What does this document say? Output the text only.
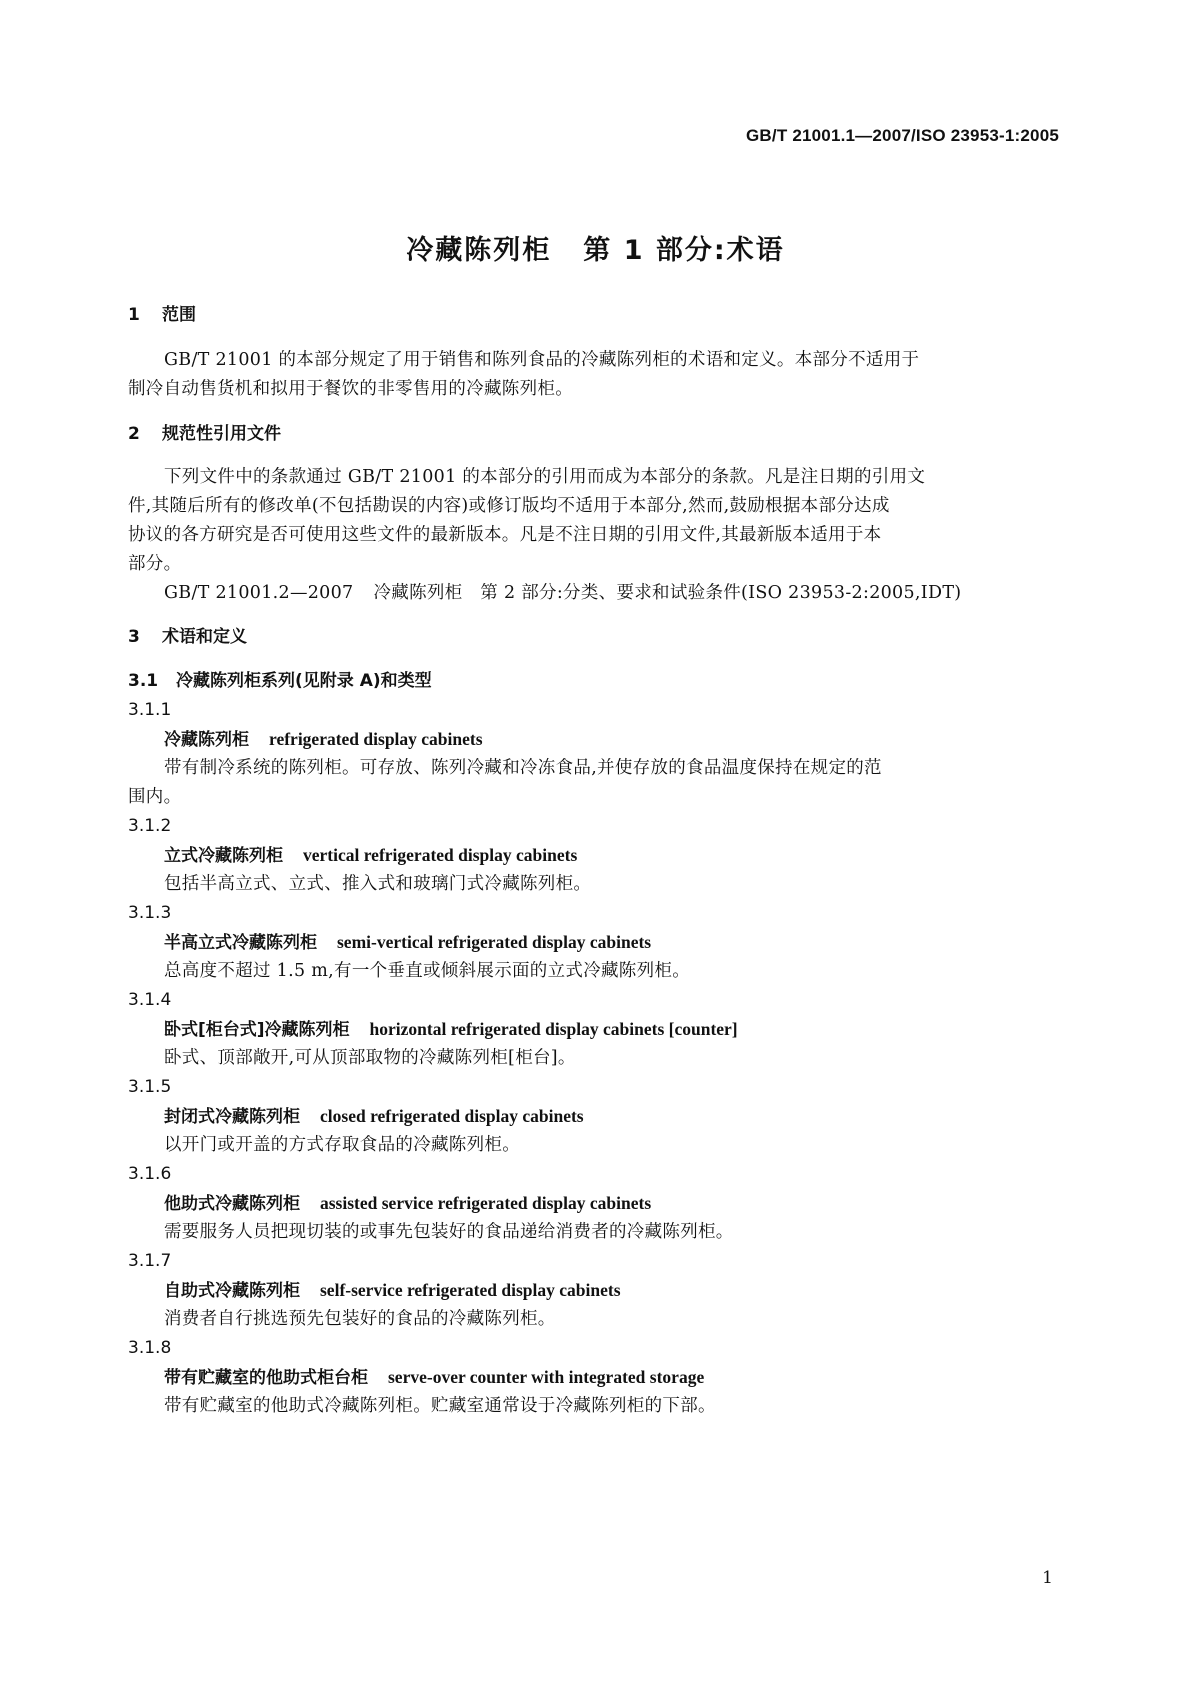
GB/T 21001.1—2007/ISO 23953-1:2005
冷藏陈列柜 第 1 部分:术语
1 范围
GB/T 21001 的本部分规定了用于销售和陈列食品的冷藏陈列柜的术语和定义。本部分不适用于
制冷自动售货机和拟用于餐饮的非零售用的冷藏陈列柜。
2 规范性引用文件
下列文件中的条款通过 GB/T 21001 的本部分的引用而成为本部分的条款。凡是注日期的引用文
件,其随后所有的修改单(不包括勘误的内容)或修订版均不适用于本部分,然而,鼓励根据本部分达成
协议的各方研究是否可使用这些文件的最新版本。凡是不注日期的引用文件,其最新版本适用于本
部分。
GB/T 21001.2—2007 冷藏陈列柜　第 2 部分:分类、要求和试验条件(ISO 23953-2:2005,IDT)
3 术语和定义
3.1 冷藏陈列柜系列(见附录 A)和类型
3.1.1
冷藏陈列柜 refrigerated display cabinets
带有制冷系统的陈列柜。可存放、陈列冷藏和冷冻食品,并使存放的食品温度保持在规定的范
围内。
3.1.2
立式冷藏陈列柜 vertical refrigerated display cabinets
包括半高立式、立式、推入式和玻璃门式冷藏陈列柜。
3.1.3
半高立式冷藏陈列柜 semi-vertical refrigerated display cabinets
总高度不超过 1.5 m,有一个垂直或倾斜展示面的立式冷藏陈列柜。
3.1.4
卧式[柜台式]冷藏陈列柜 horizontal refrigerated display cabinets [counter]
卧式、顶部敞开,可从顶部取物的冷藏陈列柜[柜台]。
3.1.5
封闭式冷藏陈列柜 closed refrigerated display cabinets
以开门或开盖的方式存取食品的冷藏陈列柜。
3.1.6
他助式冷藏陈列柜 assisted service refrigerated display cabinets
需要服务人员把现切装的或事先包装好的食品递给消费者的冷藏陈列柜。
3.1.7
自助式冷藏陈列柜 self-service refrigerated display cabinets
消费者自行挑选预先包装好的食品的冷藏陈列柜。
3.1.8
带有贮藏室的他助式柜台柜 serve-over counter with integrated storage
带有贮藏室的他助式冷藏陈列柜。贮藏室通常设于冷藏陈列柜的下部。
1
